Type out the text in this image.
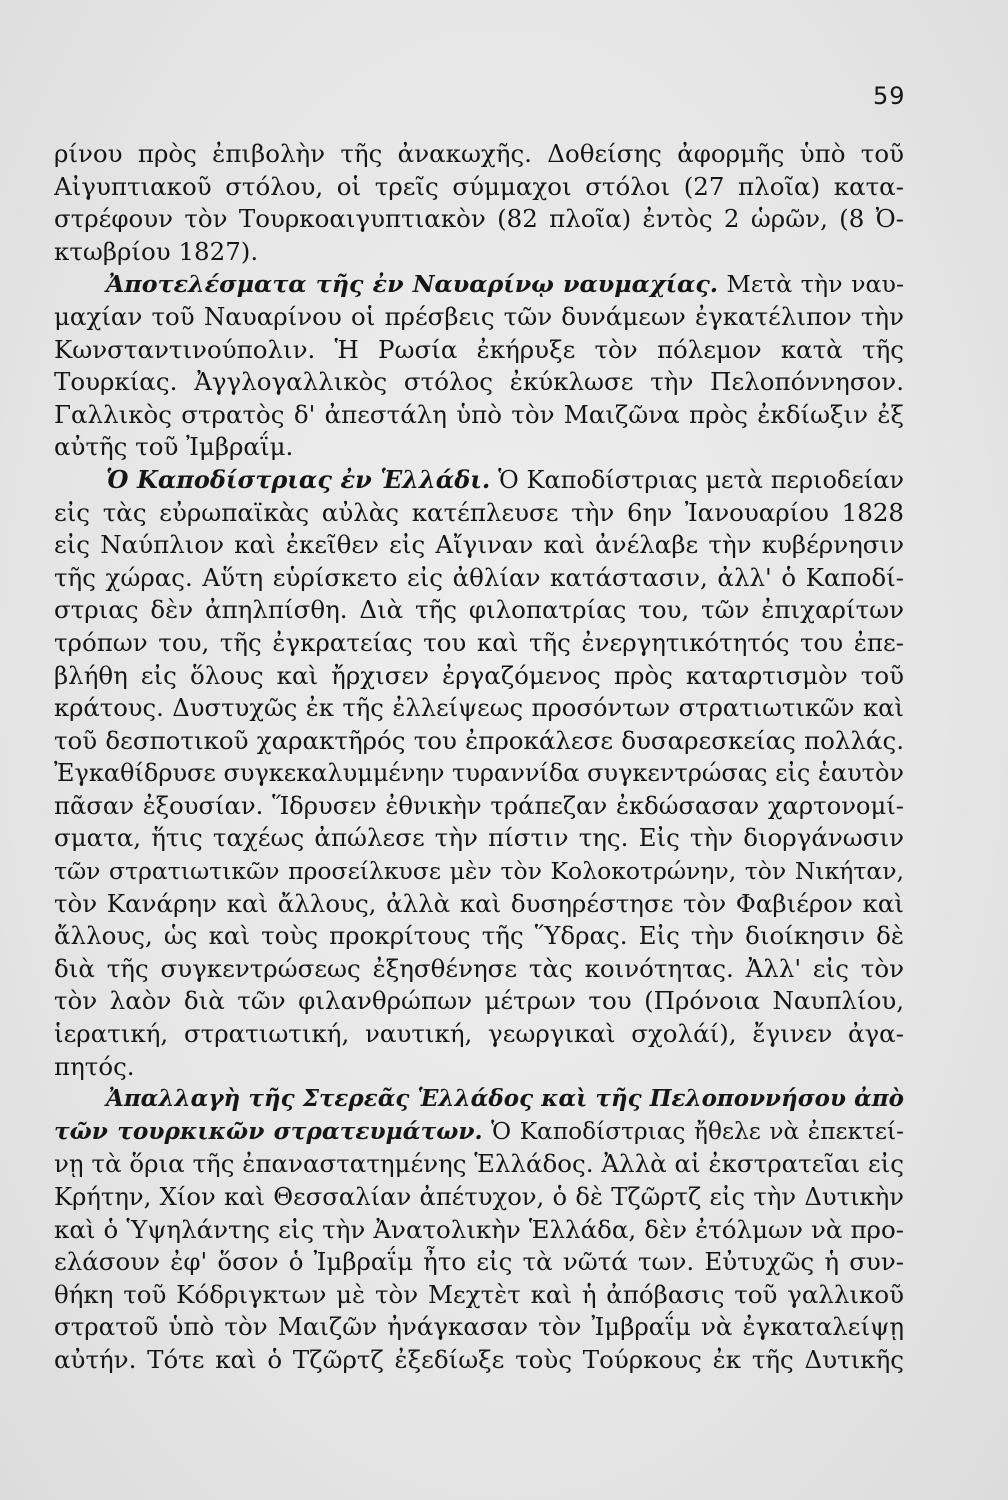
59
ρίνου πρὸς ἐπιβολὴν τῆς ἀνακωχῆς. Δοθείσης ἀφορμῆς ὑπὸ τοῦ
Αἰγυπτιακοῦ στόλου, οἱ τρεῖς σύμμαχοι στόλοι (27 πλοῖα) κατα-
στρέφουν τὸν Τουρκοαιγυπτιακὸν (82 πλοῖα) ἐντὸς 2 ὡρῶν, (8 Ὀ-
κτωβρίου 1827).
Ἀποτελέσματα τῆς ἐν Ναυαρίνῳ ναυμαχίας. Μετὰ τὴν ναυ-
μαχίαν τοῦ Ναυαρίνου οἱ πρέσβεις τῶν δυνάμεων ἐγκατέλιπον τὴν
Κωνσταντινούπολιν. Ἡ Ρωσία ἐκήρυξε τὸν πόλεμον κατὰ τῆς
Τουρκίας. Ἀγγλογαλλικὸς στόλος ἐκύκλωσε τὴν Πελοπόννησον.
Γαλλικὸς στρατὸς δ' ἀπεστάλη ὑπὸ τὸν Μαιζῶνα πρὸς ἐκδίωξιν ἐξ
αὐτῆς τοῦ Ἰμβραΐμ.
Ὁ Καποδίστριας ἐν Ἑλλάδι. Ὁ Καποδίστριας μετὰ περιοδείαν
εἰς τὰς εὐρωπαϊκὰς αὐλὰς κατέπλευσε τὴν 6ην Ἰανουαρίου 1828
εἰς Ναύπλιον καὶ ἐκεῖθεν εἰς Αἴγιναν καὶ ἀνέλαβε τὴν κυβέρνησιν
τῆς χώρας. Αὕτη εὑρίσκετο εἰς ἀθλίαν κατάστασιν, ἀλλ' ὁ Καποδί-
στριας δὲν ἀπηλπίσθη. Διὰ τῆς φιλοπατρίας του, τῶν ἐπιχαρίτων
τρόπων του, τῆς ἐγκρατείας του καὶ τῆς ἐνεργητικότητός του ἐπε-
βλήθη εἰς ὅλους καὶ ἤρχισεν ἐργαζόμενος πρὸς καταρτισμὸν τοῦ
κράτους. Δυστυχῶς ἐκ τῆς ἐλλείψεως προσόντων στρατιωτικῶν καὶ
τοῦ δεσποτικοῦ χαρακτῆρός του ἐπροκάλεσε δυσαρεσκείας πολλάς.
Ἐγκαθίδρυσε συγκεκαλυμμένην τυραννίδα συγκεντρώσας εἰς ἑαυτὸν
πᾶσαν ἐξουσίαν. Ἵδρυσεν ἐθνικὴν τράπεζαν ἐκδώσασαν χαρτονομί-
σματα, ἥτις ταχέως ἀπώλεσε τὴν πίστιν της. Εἰς τὴν διοργάνωσιν
τῶν στρατιωτικῶν προσείλκυσε μὲν τὸν Κολοκοτρώνην, τὸν Νικήταν,
τὸν Κανάρην καὶ ἄλλους, ἀλλὰ καὶ δυσηρέστησε τὸν Φαβιέρον καὶ
ἄλλους, ὡς καὶ τοὺς προκρίτους τῆς Ὕδρας. Εἰς τὴν διοίκησιν δὲ
διὰ τῆς συγκεντρώσεως ἐξησθένησε τὰς κοινότητας. Ἀλλ' εἰς τὸν
τὸν λαὸν διὰ τῶν φιλανθρώπων μέτρων του (Πρόνοια Ναυπλίου,
ἱερατική, στρατιωτική, ναυτική, γεωργικαὶ σχολάί), ἔγινεν ἀγα-
πητός.
Ἀπαλλαγὴ τῆς Στερεᾶς Ἑλλάδος καὶ τῆς Πελοποννήσου ἀπὸ
τῶν τουρκικῶν στρατευμάτων. Ὁ Καποδίστριας ἤθελε νὰ ἐπεκτεί-
νῃ τὰ ὅρια τῆς ἐπαναστατημένης Ἑλλάδος. Ἀλλὰ αἱ ἐκστρατεῖαι εἰς
Κρήτην, Χίον καὶ Θεσσαλίαν ἀπέτυχον, ὁ δὲ Τζῶρτζ εἰς τὴν Δυτικὴν
καὶ ὁ Ὑψηλάντης εἰς τὴν Ἀνατολικὴν Ἑλλάδα, δὲν ἐτόλμων νὰ προ-
ελάσουν ἐφ' ὅσον ὁ Ἰμβραΐμ ἦτο εἰς τὰ νῶτά των. Εὐτυχῶς ἡ συν-
θήκη τοῦ Κόδριγκτων μὲ τὸν Μεχτὲτ καὶ ἡ ἀπόβασις τοῦ γαλλικοῦ
στρατοῦ ὑπὸ τὸν Μαιζῶν ἠνάγκασαν τὸν Ἰμβραΐμ νὰ ἐγκαταλείψῃ
αὐτήν. Τότε καὶ ὁ Τζῶρτζ ἐξεδίωξε τοὺς Τούρκους ἐκ τῆς Δυτικῆς
